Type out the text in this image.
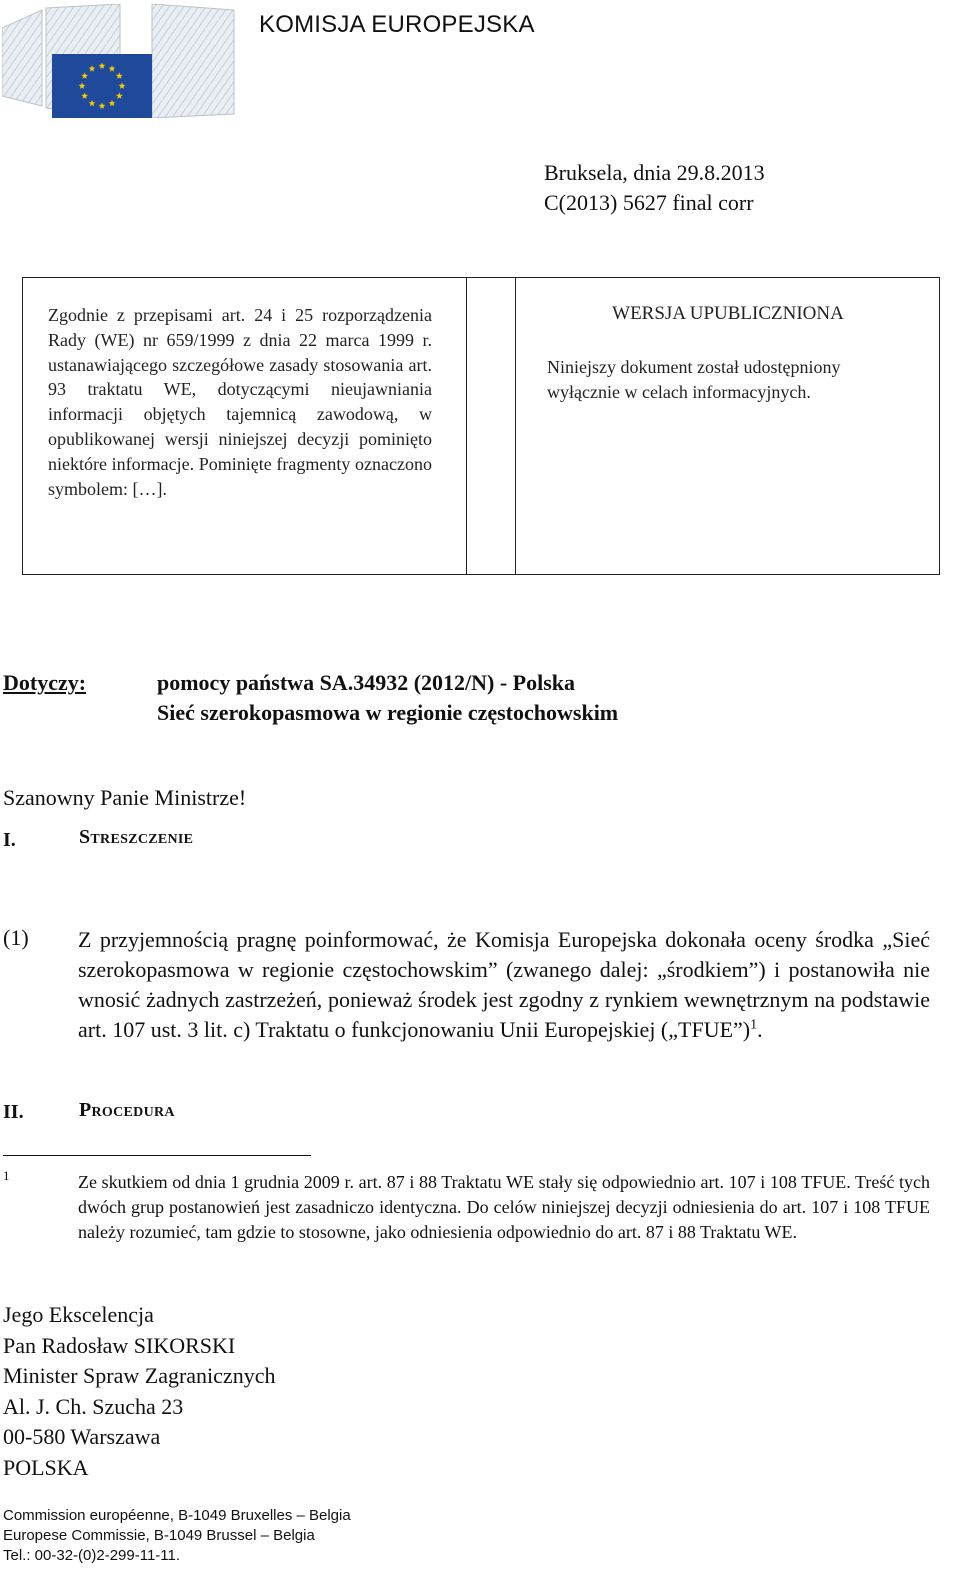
KOMISJA EUROPEJSKA
Bruksela, dnia 29.8.2013
C(2013) 5627 final corr
Zgodnie z przepisami art. 24 i 25 rozporządzenia Rady (WE) nr 659/1999 z dnia 22 marca 1999 r. ustanawiającego szczegółowe zasady stosowania art. 93 traktatu WE, dotyczącymi nieujawniania informacji objętych tajemnicą zawodową, w opublikowanej wersji niniejszej decyzji pominięto niektóre informacje. Pominięte fragmenty oznaczono symbolem: […].
WERSJA UPUBLICZNIONA
Niniejszy dokument został udostępniony wyłącznie w celach informacyjnych.
Dotyczy:	pomocy państwa SA.34932 (2012/N) - Polska
Sieć szerokopasmowa w regionie częstochowskim
Szanowny Panie Ministrze!
I.	Streszczenie
(1) Z przyjemnością pragnę poinformować, że Komisja Europejska dokonała oceny środka „Sieć szerokopasmowa w regionie częstochowskim” (zwanego dalej: „środkiem”) i postanowiła nie wnosić żadnych zastrzeżeń, ponieważ środek jest zgodny z rynkiem wewnętrznym na podstawie art. 107 ust. 3 lit. c) Traktatu o funkcjonowaniu Unii Europejskiej („TFUE”)$^1$.
II.	Procedura
1	Ze skutkiem od dnia 1 grudnia 2009 r. art. 87 i 88 Traktatu WE stały się odpowiednio art. 107 i 108 TFUE. Treść tych dwóch grup postanowień jest zasadniczo identyczna. Do celów niniejszej decyzji odniesienia do art. 107 i 108 TFUE należy rozumieć, tam gdzie to stosowne, jako odniesienia odpowiednio do art. 87 i 88 Traktatu WE.
Jego Ekscelencja
Pan Radosław SIKORSKI
Minister Spraw Zagranicznych
Al. J. Ch. Szucha 23
00-580 Warszawa
POLSKA
Commission européenne, B-1049 Bruxelles – Belgia
Europese Commissie, B-1049 Brussel – Belgia
Tel.: 00-32-(0)2-299-11-11.
